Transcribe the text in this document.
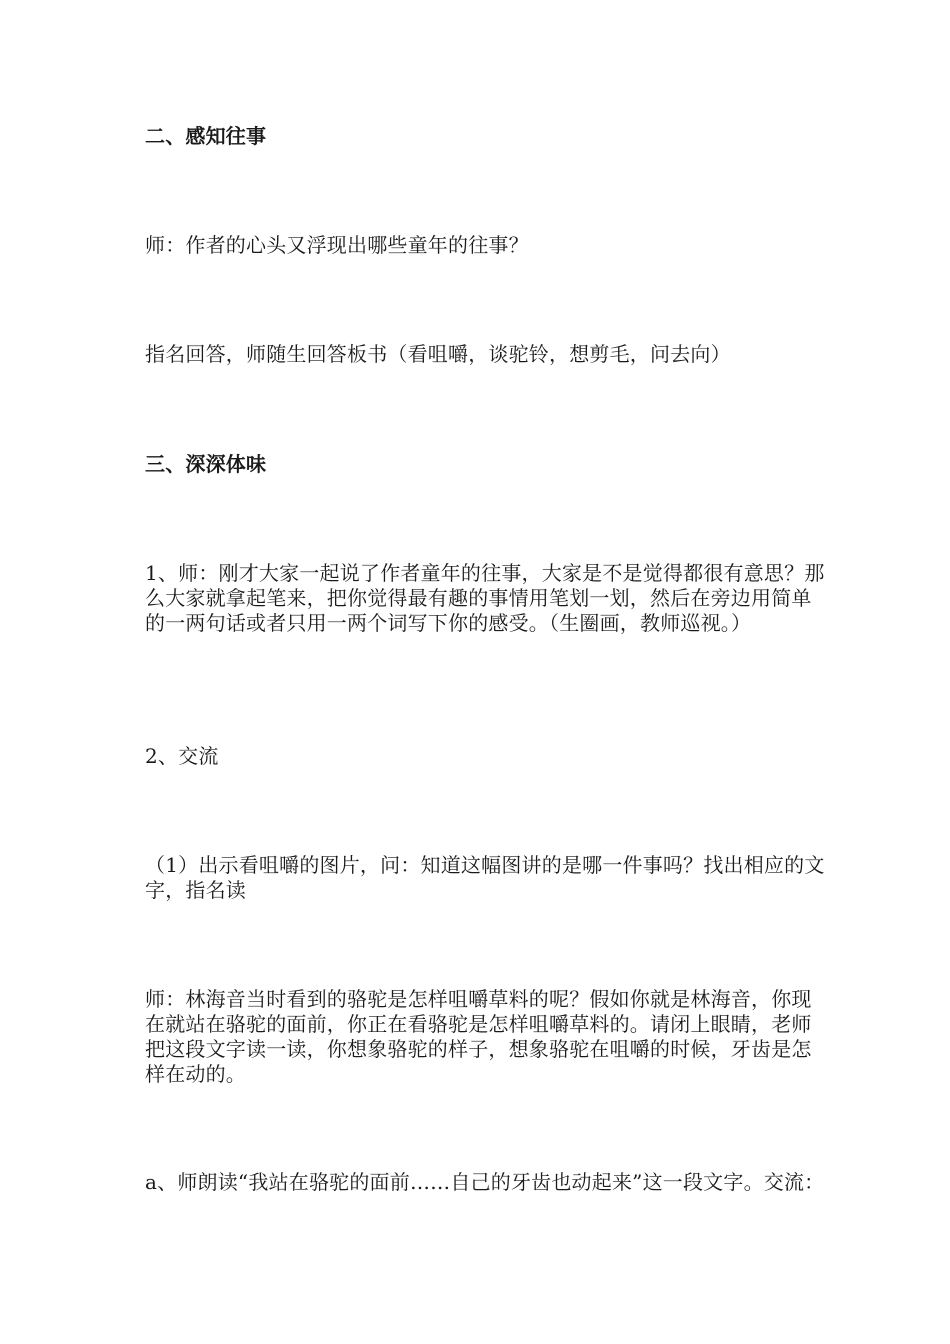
二、感知往事

师：作者的心头又浮现出哪些童年的往事？

指名回答，师随生回答板书（看咀嚼，谈驼铃，想剪毛，问去向）

三、深深体味

1、师：刚才大家一起说了作者童年的往事，大家是不是觉得都很有意思？那么大家就拿起笔来，把你觉得最有趣的事情用笔划一划，然后在旁边用简单的一两句话或者只用一两个词写下你的感受。（生圈画，教师巡视。）

2、交流

（1）出示看咀嚼的图片，问：知道这幅图讲的是哪一件事吗？找出相应的文字，指名读

师：林海音当时看到的骆驼是怎样咀嚼草料的呢？假如你就是林海音，你现在就站在骆驼的面前，你正在看骆驼是怎样咀嚼草料的。请闭上眼睛，老师把这段文字读一读，你想象骆驼的样子，想象骆驼在咀嚼的时候，牙齿是怎样在动的。

a、师朗读“我站在骆驼的面前……自己的牙齿也动起来”这一段文字。交流：
